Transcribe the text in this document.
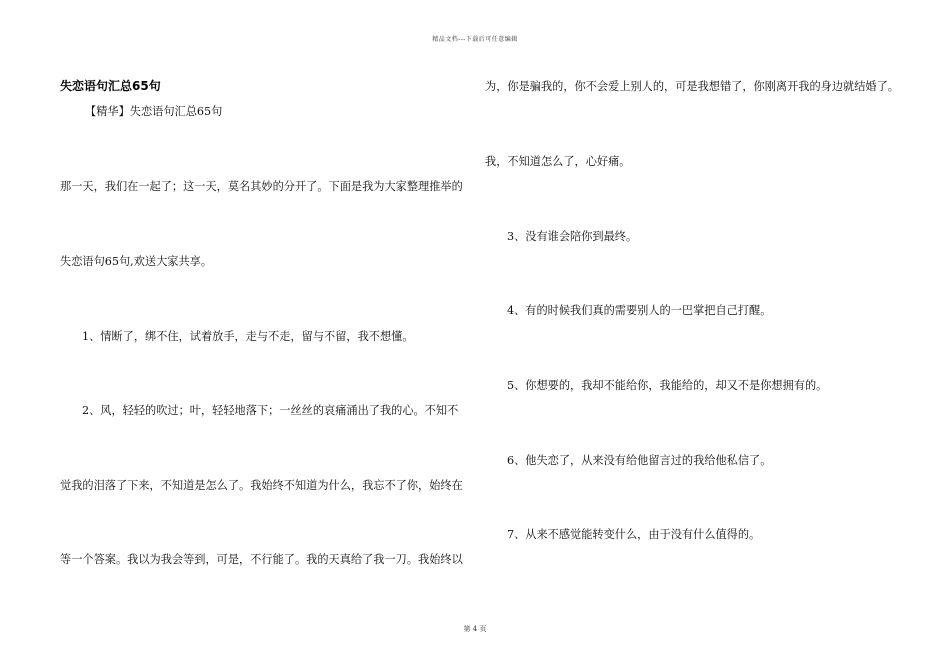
精品文档---下载后可任意编辑
失恋语句汇总65句
【精华】失恋语句汇总65句
那一天，我们在一起了；这一天，莫名其妙的分开了。下面是我为大家整理推举的
失恋语句65句,欢送大家共享。
1、情断了，绑不住，试着放手，走与不走，留与不留，我不想懂。
2、风，轻轻的吹过；叶，轻轻地落下；一丝丝的哀痛涌出了我的心。不知不
觉我的泪落了下来，不知道是怎么了。我始终不知道为什么，我忘不了你，始终在
等一个答案。我以为我会等到，可是，不行能了。我的天真给了我一刀。我始终以
为，你是骗我的，你不会爱上别人的，可是我想错了，你刚离开我的身边就结婚了。
我，不知道怎么了，心好痛。
3、没有谁会陪你到最终。
4、有的时候我们真的需要别人的一巴掌把自己打醒。
5、你想要的，我却不能给你，我能给的，却又不是你想拥有的。
6、他失恋了，从来没有给他留言过的我给他私信了。
7、从来不感觉能转变什么，由于没有什么值得的。
第 4 页
